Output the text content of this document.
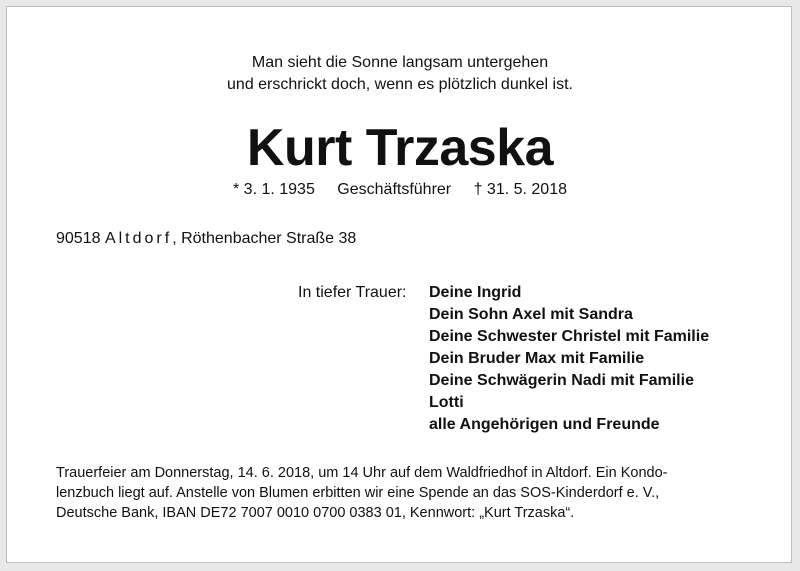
Man sieht die Sonne langsam untergehen
und erschrickt doch, wenn es plötzlich dunkel ist.
Kurt Trzaska
* 3. 1. 1935 Geschäftsführer † 31. 5. 2018
90518 Altdorf, Röthenbacher Straße 38
In tiefer Trauer: Deine Ingrid
Dein Sohn Axel mit Sandra
Deine Schwester Christel mit Familie
Dein Bruder Max mit Familie
Deine Schwägerin Nadi mit Familie
Lotti
alle Angehörigen und Freunde
Trauerfeier am Donnerstag, 14. 6. 2018, um 14 Uhr auf dem Waldfriedhof in Altdorf. Ein Kondo-
lenzbuch liegt auf. Anstelle von Blumen erbitten wir eine Spende an das SOS-Kinderdorf e. V.,
Deutsche Bank, IBAN DE72 7007 0010 0700 0383 01, Kennwort: „Kurt Trzaska“.
